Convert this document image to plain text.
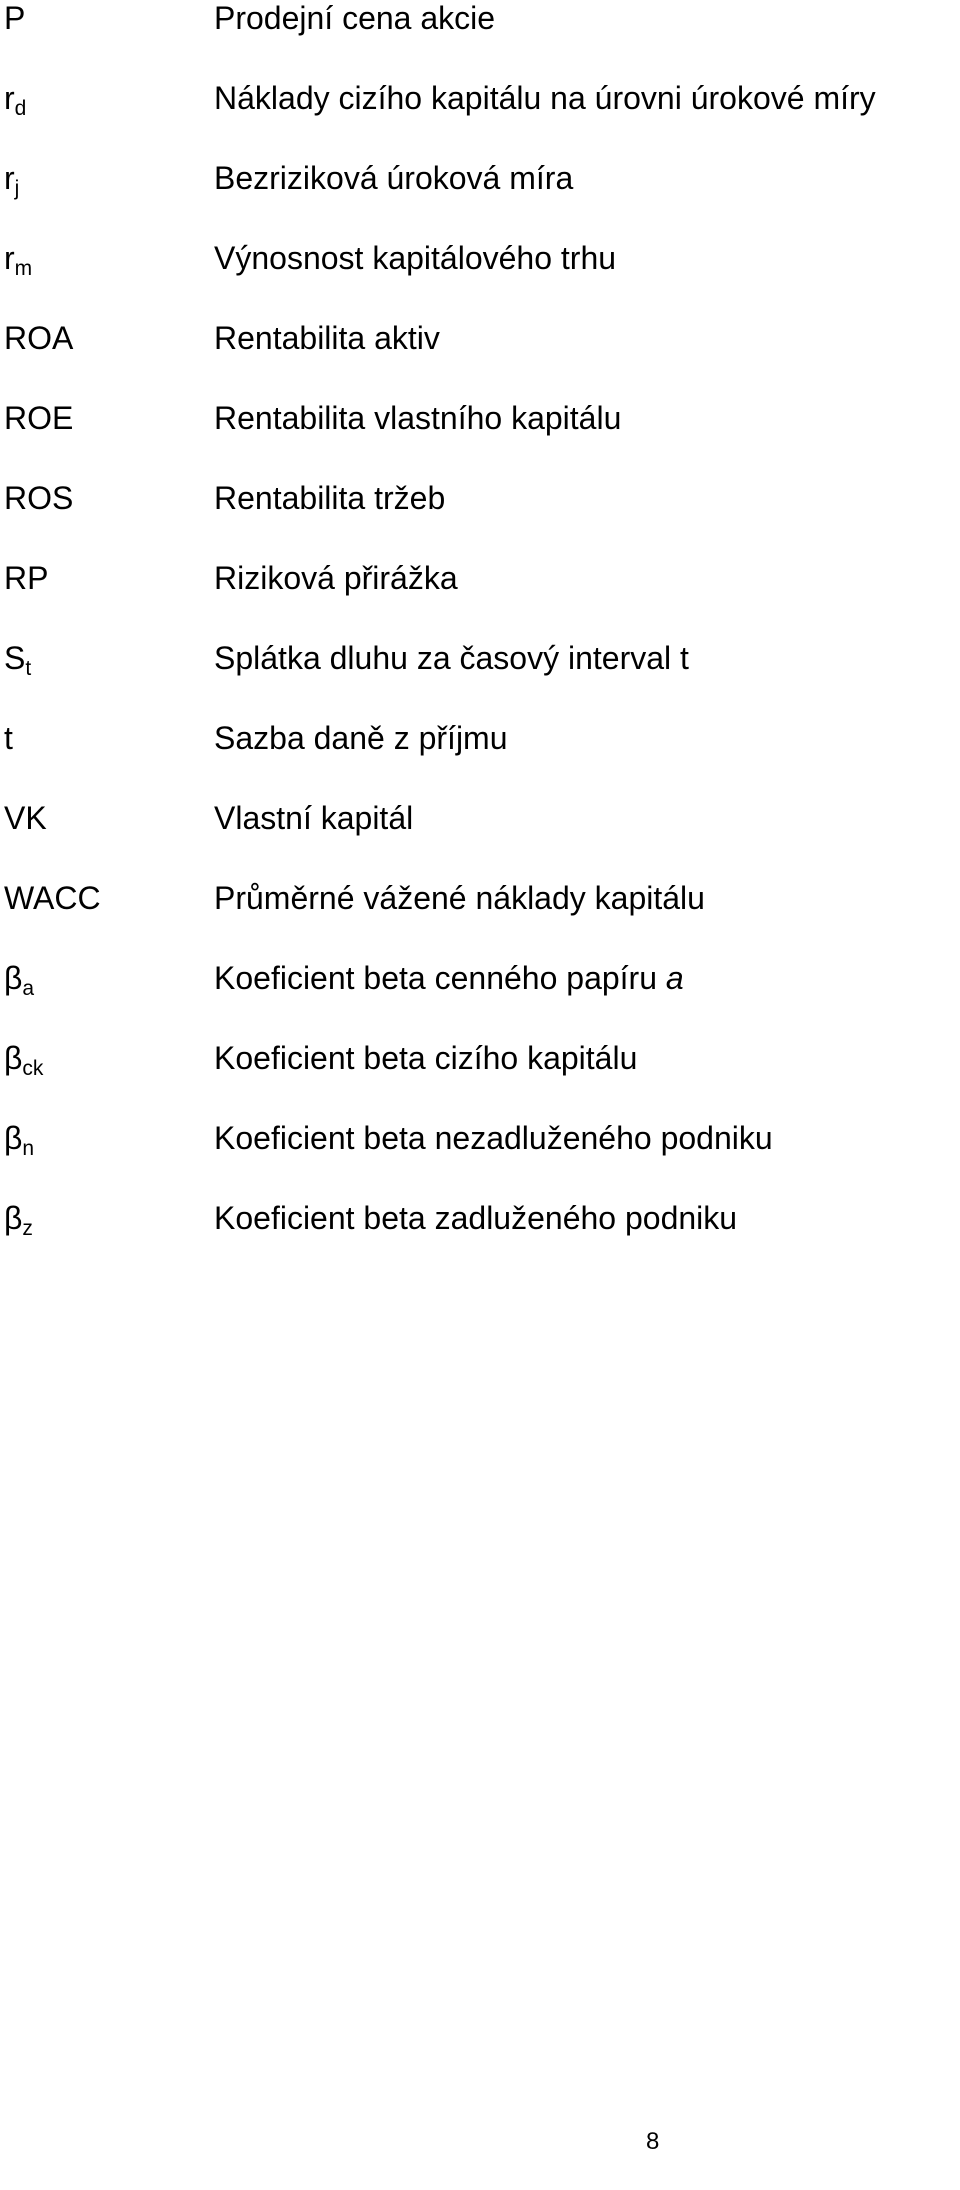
P	Prodejní cena akcie
$r_d$	Náklady cizího kapitálu na úrovni úrokové míry
$r_j$	Bezriziková úroková míra
$r_m$	Výnosnost kapitálového trhu
ROA	Rentabilita aktiv
ROE	Rentabilita vlastního kapitálu
ROS	Rentabilita tržeb
RP	Riziková přirážka
$S_t$	Splátka dluhu za časový interval t
t	Sazba daně z příjmu
VK	Vlastní kapitál
WACC	Průměrné vážené náklady kapitálu
$\beta_a$	Koeficient beta cenného papíru a
$\beta_{ck}$	Koeficient beta cizího kapitálu
$\beta_n$	Koeficient beta nezadluženého podniku
$\beta_z$	Koeficient beta zadluženého podniku
8
